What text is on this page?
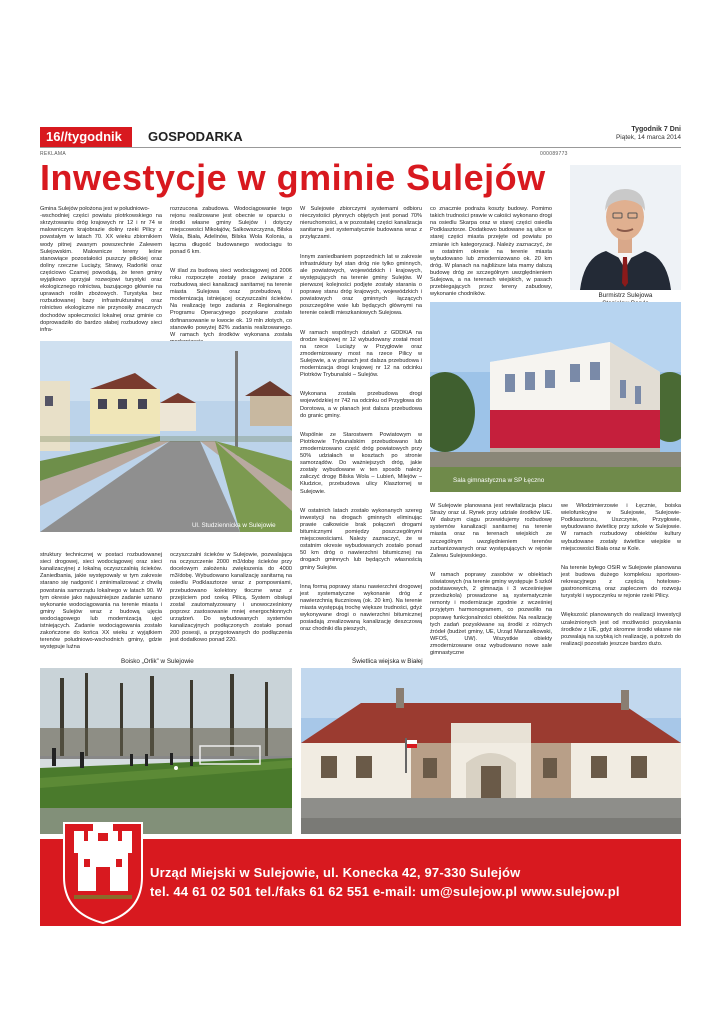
16//tygodnik	GOSPODARKA	Tygodnik 7 Dni
Piątek, 14 marca 2014
REKLAMA	000089773
Inwestycje w gminie Sulejów
Burmistrz Sulejowa

Gmina Sulejów położona jest w południowo-
-wschodniej części powiatu piotrkowskiego na skrzyżowaniu dróg krajowych nr 12 i nr 74 w malowniczym krajobrazie doliny rzeki Pilicy z powstałym w latach 70. XX wieku zbiornikiem wody pitnej zwanym powszechnie Zalewem Sulejowskim. Malownicze tereny leśne stanowiące pozostałości puszczy pilickiej oraz doliny rzeczne Luciąży, Strawy, Radońki oraz częściowo Czarnej powodują, że teren gminy wyjątkowo sprzyjał rozwojowi turystyki oraz ekologicznego rolnictwa, bazującego głównie na uprawach roślin zbożowych. Turystyka bez rozbudowanej bazy infrastrukturalnej oraz rolnictwo ekologiczne nie przynosiły znacznych dochodów społeczności lokalnej oraz gminie co doprowadziło do bardzo słabej rozbudowy sieci infra-

rozrzucona zabudowa. Wodociągowanie tego rejonu realizowane jest obecnie w oparciu o środki własne gminy Sulejów i dotyczy miejscowości Mikołajów, Salkowszczyzna, Bilska Wola, Biała, Adelinów, Bilska Wola Kolonia, a łączna długość budowanego wodociągu to ponad 6 km.

W ślad za budową sieci wodociągowej od 2006 roku rozpoczęte zostały prace związane z rozbudową sieci kanalizacji sanitarnej na terenie miasta Sulejowa oraz przebudową i modernizacją istniejącej oczyszczalni ścieków. Na realizację tego zadania z Regionalnego Programu Operacyjnego pozyskane zostało dofinansowanie w kwocie ok. 19 mln złotych, co stanowiło powyżej 82% zadania realizowanego. W ramach tych środków wykonana została

W Sulejowie zbiorczymi systemami odbioru nieczystości płynnych objętych jest ponad 70% nieruchomości, a w pozostałej części kanalizacja sanitarna jest systematycznie budowana wraz z przyłączami.

Innym zaniedbaniem poprzednich lat w zakresie infrastruktury był stan dróg nie tylko gminnych, ale powiatowych, wojewódzkich i krajowych, występujących na terenie gminy Sulejów. W pierwszej kolejności podjęte zostały starania o poprawę stanu dróg krajowych, wojewódzkich i powiatowych oraz gminnych łączących poszczególne wsie lub będących głównymi na terenie osiedli mieszkaniowych Sulejowa.

W ramach wspólnych działań z GDDKiA na drodze krajowej nr 12 wybudowany został most na rzece Luciąży w Przygłowie oraz zmodernizowany most na rzece Pilicy w Sulejowie, a w planach jest dalsza przebudowa i modernizacja drogi krajowej nr 12 na odcinku Piotrków Trybunalski – Sulejów.

Wykonana została przebudowa drogi wojewódzkiej nr 742 na odcinku od Przygłowa do Dorotowa, a w planach jest dalsza przebudowa do granic gminy.

Wspólnie ze Starostwem Powiatowym w Piotrkowie Trybunalskim przebudowano lub zmodernizowano część dróg powiatowych przy 50% udziałach w kosztach po stronie samorządów. Do ważniejszych dróg, jakie zostały wybudowane w ten sposób należy zaliczyć drogę Bilska Wola – Lubień, Milejów – Kłudzice, przebudowa ulicy Klasztornej w Sulejowie.

W ostatnich latach zostało wykonanych szereg inwestycji na drogach gminnych eliminując prawie całkowicie brak połączeń drogami bitumicznymi pomiędzy poszczególnymi miejscowościami. Należy zaznaczyć, że w ostatnim okresie wybudowanych zostało ponad 50 km dróg o nawierzchni bitumicznej na drogach gminnych lub będących własnością gminy Sulejów.

Inną formą poprawy stanu nawierzchni drogowej jest systematyczne wykonanie dróg z nawierzchnią tłuczniową (ok. 20 km). Na terenie miasta występują trochę większe trudności, gdyż wykonywane drogi o nawierzchni bitumicznej posiadają zrealizowaną kanalizację deszczową oraz chodniki dla pieszych,

co znacznie podraża koszty budowy. Pomimo takich trudności prawie w całości wykonano drogi na osiedlu Skarpa oraz w starej części osiedla Podklasztorze. Dodatkowo budowane są ulice w starej części miasta przejęte od powiatu po zmianie ich kategoryzacji. Należy zaznaczyć, że w ostatnim okresie na terenie miasta wybudowano lub zmodernizowano ok. 20 km dróg. W planach na najbliższe lata mamy dalszą budowę dróg ze szczególnym uwzględnieniem Sulejowa, a na terenach wiejskich, w pasach przebiegających przez tereny zabudowy, wykonanie chodników.

Ul. Studziennicka w Sulejowie
Sala gimnastyczna w SP Łęczno

W Sulejowie planowana jest rewitalizacja placu Straży oraz ul. Rynek przy udziale środków UE. W dalszym ciągu przewidujemy rozbudowę systemów kanalizacji sanitarnej na terenie miasta oraz na terenach wiejskich ze szczególnym uwzględnieniem terenów zurbanizowanych oraz występujących w rejonie Zalewu Sulejowskiego.

W ramach poprawy zasobów w obiektach oświatowych (na terenie gminy występuje 5 szkół podstawowych, 2 gimnazja i 3 wcześniejwe przedszkola) prowadzone są systematycznie remonty i modernizacje zgodnie z wcześniej przyjętym harmonogramem, co pozwoliło na poprawę funkcjonalności obiektów. Na realizację tych zadań pozyskiwane są środki z różnych źródeł (budżet gminy, UE, Urząd Marszałkowski, WFOŚ, UW). Wszystkie obiekty zmodernizowane oraz wybudowano nowe sale gimnastyczne

struktury technicznej w postaci rozbudowanej sieci drogowej, sieci wodociągowej oraz sieci kanalizacyjnej z lokalną oczyszczalnią ścieków. Zaniedbania, jakie występowały w tym zakresie starano się nadgonić i zminimalizować z chwilą powstania samorządu lokalnego w latach 90. W tym okresie jako najważniejsze zadanie uznano wykonanie wodociągowania na terenie miasta i gminy Sulejów wraz z budową ujęcia wodociągowego lub modernizacją ujęć istniejących. Zadanie wodociągowania zostało zakończone do końca XX wieku z wyjątkiem terenów południowo-wschodnich gminy, gdzie występuje luźna

oczyszczalni ścieków w Sulejowie, pozwalająca na oczyszczenie 2000 m3/dobę ścieków przy docelowym założeniu zwiększenia do 4000 m3/dobę. Wybudowano kanalizację sanitarną na osiedlu Podklasztorze wraz z pompowniami, przebudowano kolektory tłoczne wraz z przejściem pod rzeką Pilicą. System obsługi został zautomatyzowany i unowocześniony poprzez zastosowanie mniej energochłonnych urządzeń. Do wybudowanych systemów kanalizacyjnych podłączonych zostało ponad 200 posesji, a przygotowanych do podłączenia jest dodatkowo ponad 220.

we Włodzimierzowie i Łęcznie, boiska wielofunkcyjne w Sulejowie, Sulejowie-Podklasztorzu, Uszczynie, Przygłowie, wybudowano świetlicę przy szkole w Sulejowie. W ramach rozbudowy obiektów kultury wybudowane zostały świetlice wiejskie w miejscowości Biała oraz w Kole.

Na terenie byłego OSiR w Sulejowie planowana jest budowa dużego kompleksu sportowo-rekreacyjnego z częścią hotelowo-gastronomiczną oraz zapleczem do rozwoju turystyki i wypoczynku w rejonie rzeki Pilicy.

Większość planowanych do realizacji inwestycji uzależnionych jest od możliwości pozyskania środków z UE, gdyż skromne środki własne nie pozwalają na szybką ich realizację, a potrzeb do realizacji pozostało jeszcze bardzo dużo.

Boisko „Orlik” w Sulejowie	Świetlica wiejska w Białej
Urząd Miejski w Sulejowie, ul. Konecka 42, 97-330 Sulejów
tel. 44 61 02 501 tel./faks 61 62 551 e-mail: um@sulejow.pl www.sulejow.pl
